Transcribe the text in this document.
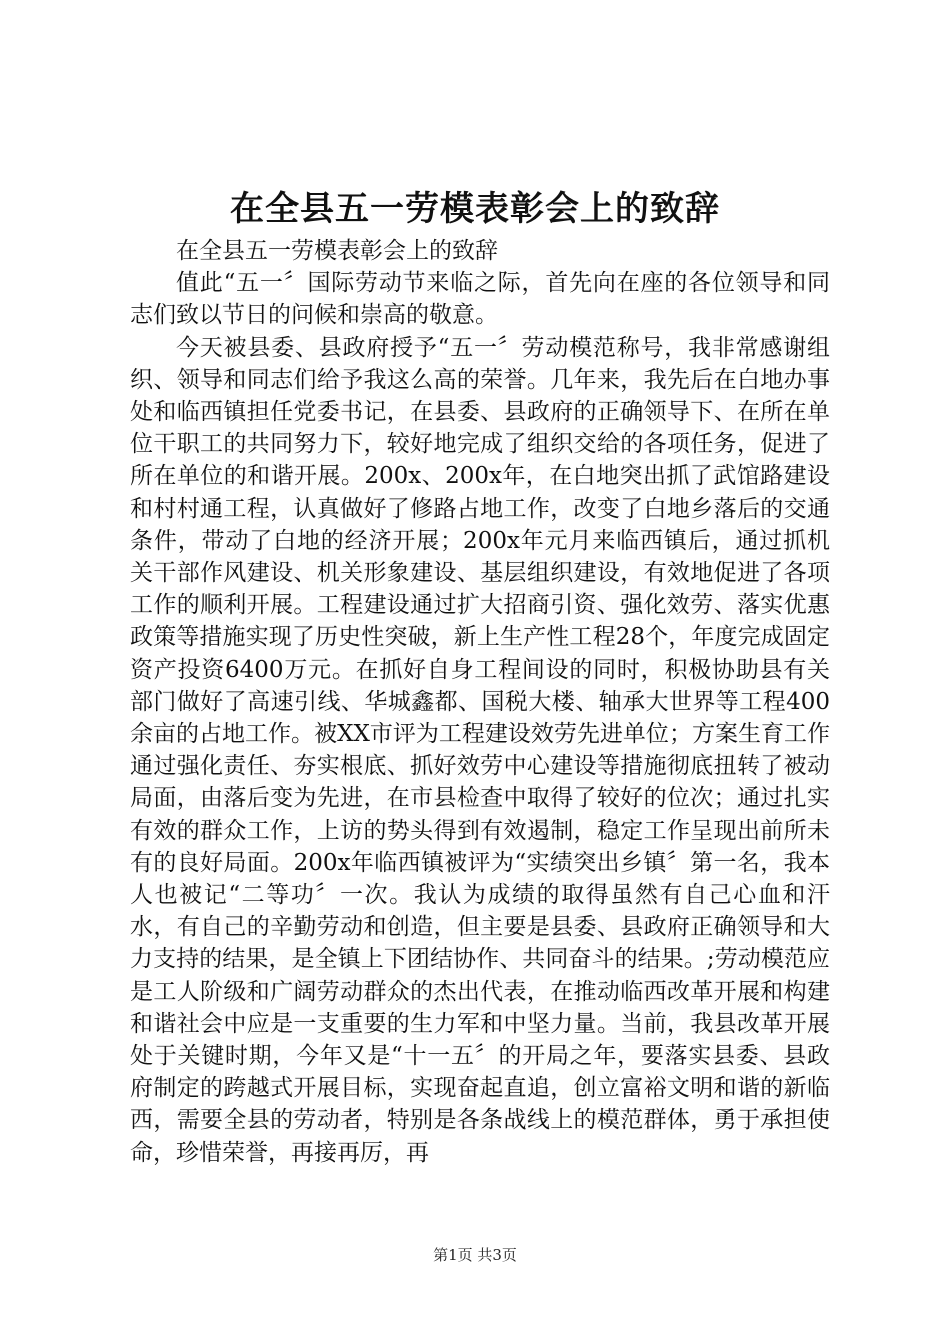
在全县五一劳模表彰会上的致辞

在全县五一劳模表彰会上的致辞

值此“五一〞国际劳动节来临之际，首先向在座的各位领导和同志们致以节日的问候和崇高的敬意。

今天被县委、县政府授予“五一〞劳动模范称号，我非常感谢组织、领导和同志们给予我这么高的荣誉。几年来，我先后在白地办事处和临西镇担任党委书记，在县委、县政府的正确领导下、在所在单位干职工的共同努力下，较好地完成了组织交给的各项任务，促进了所在单位的和谐开展。200x、200x年，在白地突出抓了武馆路建设和村村通工程，认真做好了修路占地工作，改变了白地乡落后的交通条件，带动了白地的经济开展；200x年元月来临西镇后，通过抓机关干部作风建设、机关形象建设、基层组织建设，有效地促进了各项工作的顺利开展。工程建设通过扩大招商引资、强化效劳、落实优惠政策等措施实现了历史性突破，新上生产性工程28个，年度完成固定资产投资6400万元。在抓好自身工程间设的同时，积极协助县有关部门做好了高速引线、华城鑫都、国税大楼、轴承大世界等工程400余亩的占地工作。被XX市评为工程建设效劳先进单位；方案生育工作通过强化责任、夯实根底、抓好效劳中心建设等措施彻底扭转了被动局面，由落后变为先进，在市县检查中取得了较好的位次；通过扎实有效的群众工作，上访的势头得到有效遏制，稳定工作呈现出前所未有的良好局面。200x年临西镇被评为“实绩突出乡镇〞第一名，我本人也被记“二等功〞一次。我认为成绩的取得虽然有自己心血和汗水，有自己的辛勤劳动和创造，但主要是县委、县政府正确领导和大力支持的结果，是全镇上下团结协作、共同奋斗的结果。;劳动模范应是工人阶级和广阔劳动群众的杰出代表，在推动临西改革开展和构建和谐社会中应是一支重要的生力军和中坚力量。当前，我县改革开展处于关键时期，今年又是“十一五〞的开局之年，要落实县委、县政府制定的跨越式开展目标，实现奋起直追，创立富裕文明和谐的新临西，需要全县的劳动者，特别是各条战线上的模范群体，勇于承担使命，珍惜荣誉，再接再厉，再

第1页 共3页
